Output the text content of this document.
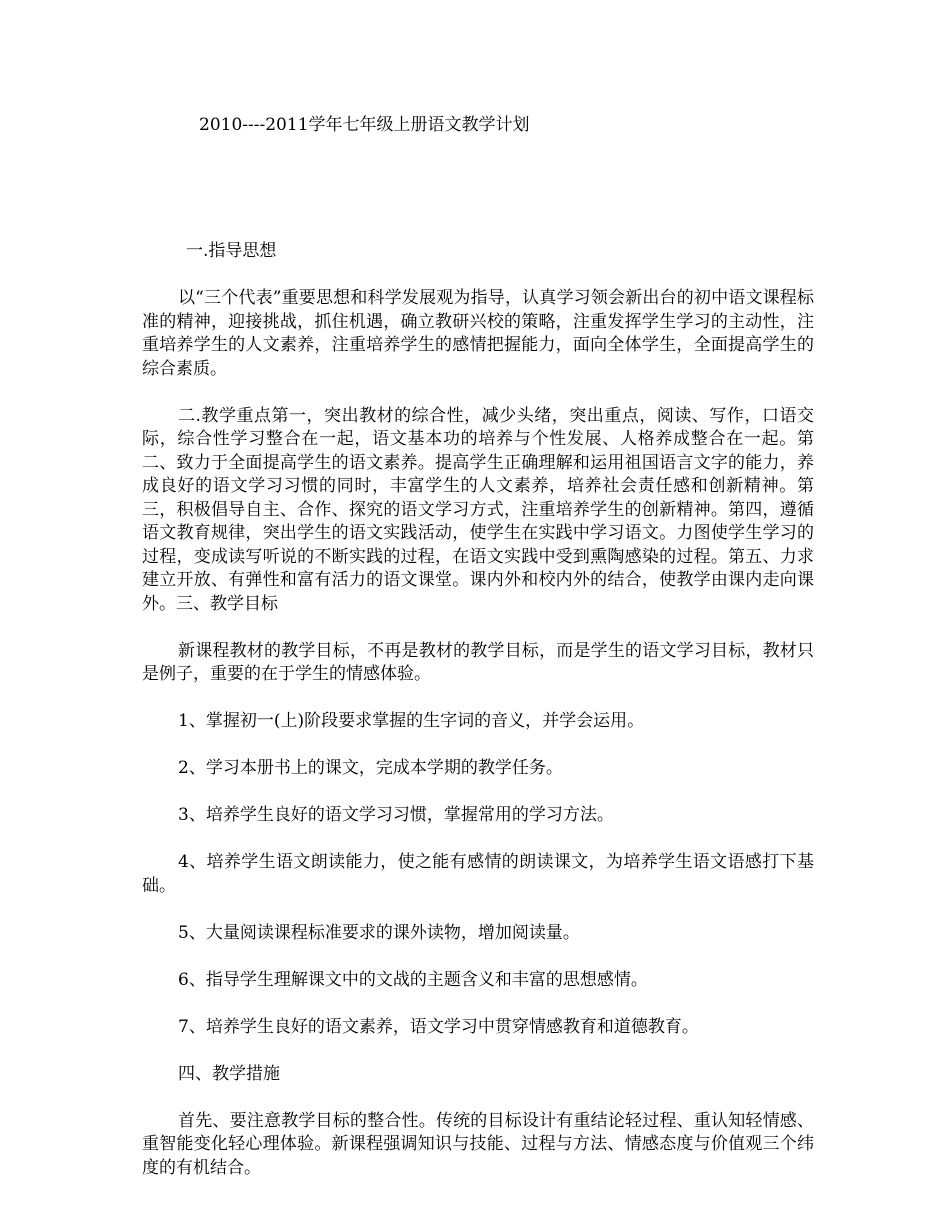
2010----2011学年七年级上册语文教学计划

一.指导思想

以“三个代表”重要思想和科学发展观为指导，认真学习领会新出台的初中语文课程标准的精神，迎接挑战，抓住机遇，确立教研兴校的策略，注重发挥学生学习的主动性，注重培养学生的人文素养，注重培养学生的感情把握能力，面向全体学生，全面提高学生的综合素质。

二.教学重点第一，突出教材的综合性，减少头绪，突出重点，阅读、写作，口语交际，综合性学习整合在一起，语文基本功的培养与个性发展、人格养成整合在一起。第二、致力于全面提高学生的语文素养。提高学生正确理解和运用祖国语言文字的能力，养成良好的语文学习习惯的同时，丰富学生的人文素养，培养社会责任感和创新精神。第三，积极倡导自主、合作、探究的语文学习方式，注重培养学生的创新精神。第四，遵循语文教育规律，突出学生的语文实践活动，使学生在实践中学习语文。力图使学生学习的过程，变成读写听说的不断实践的过程，在语文实践中受到熏陶感染的过程。第五、力求建立开放、有弹性和富有活力的语文课堂。课内外和校内外的结合，使教学由课内走向课外。三、教学目标

新课程教材的教学目标，不再是教材的教学目标，而是学生的语文学习目标，教材只是例子，重要的在于学生的情感体验。

1、掌握初一(上)阶段要求掌握的生字词的音义，并学会运用。

2、学习本册书上的课文，完成本学期的教学任务。

3、培养学生良好的语文学习习惯，掌握常用的学习方法。

4、培养学生语文朗读能力，使之能有感情的朗读课文，为培养学生语文语感打下基础。

5、大量阅读课程标准要求的课外读物，增加阅读量。

6、指导学生理解课文中的文战的主题含义和丰富的思想感情。

7、培养学生良好的语文素养，语文学习中贯穿情感教育和道德教育。

四、教学措施

首先、要注意教学目标的整合性。传统的目标设计有重结论轻过程、重认知轻情感、重智能变化轻心理体验。新课程强调知识与技能、过程与方法、情感态度与价值观三个纬度的有机结合。
